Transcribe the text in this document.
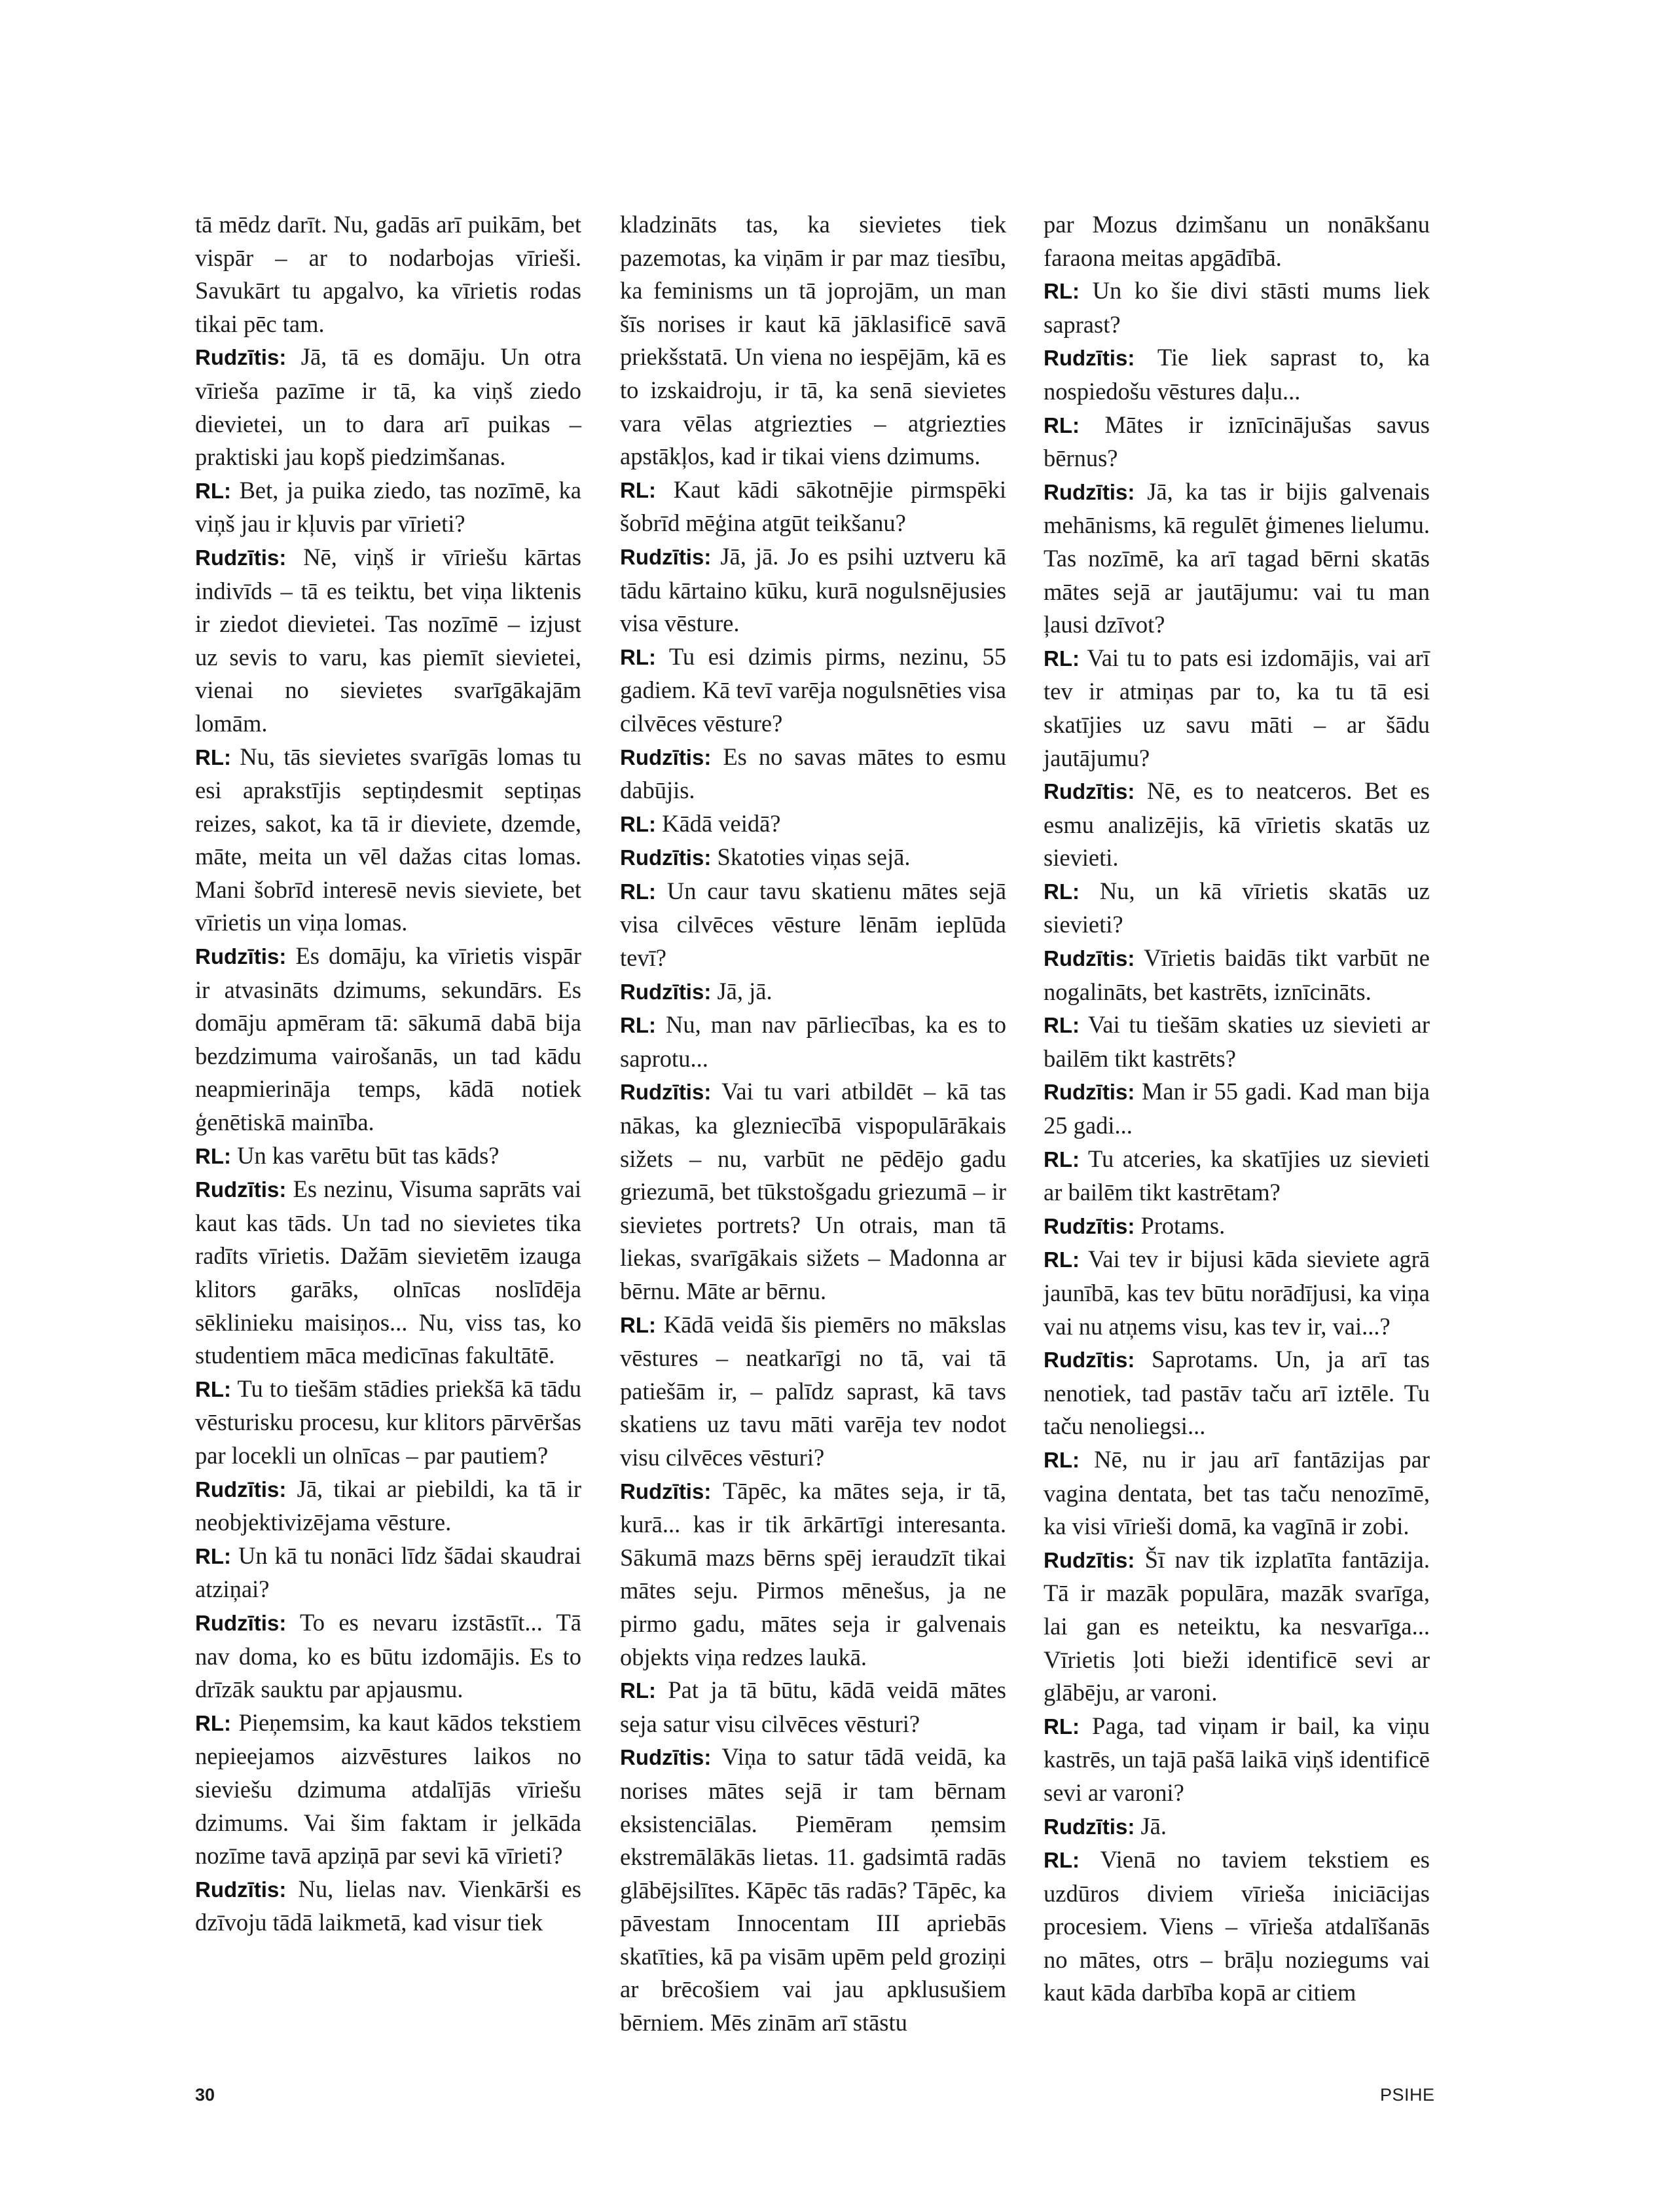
tā mēdz darīt. Nu, gadās arī puikām, bet vispār – ar to nodarbojas vīrieši. Savukārt tu apgalvo, ka vīrietis rodas tikai pēc tam.

Rudzītis: Jā, tā es domāju. Un otra vīrieša pazīme ir tā, ka viņš ziedo dievietei, un to dara arī puikas – praktiski jau kopš piedzimšanas.

RL: Bet, ja puika ziedo, tas nozīmē, ka viņš jau ir kļuvis par vīrieti?

Rudzītis: Nē, viņš ir vīriešu kārtas indivīds – tā es teiktu, bet viņa liktenis ir ziedot dievietei. Tas nozīmē – izjust uz sevis to varu, kas piemīt sievietei, vienai no sievietes svarīgākajām lomām.

RL: Nu, tās sievietes svarīgās lomas tu esi aprakstījis septiņdesmit septiņas reizes, sakot, ka tā ir dieviete, dzemde, māte, meita un vēl dažas citas lomas. Mani šobrīd interesē nevis sieviete, bet vīrietis un viņa lomas.

Rudzītis: Es domāju, ka vīrietis vispār ir atvasināts dzimums, sekundārs. Es domāju apmēram tā: sākumā dabā bija bezdzimuma vairošanās, un tad kādu neapmierināja temps, kādā notiek ģenētiskā mainība.

RL: Un kas varētu būt tas kāds?

Rudzītis: Es nezinu, Visuma saprāts vai kaut kas tāds. Un tad no sievietes tika radīts vīrietis. Dažām sievietēm izauga klitors garāks, olnīcas noslīdēja sēklinieku maisiņos... Nu, viss tas, ko studentiem māca medicīnas fakultātē.

RL: Tu to tiešām stādies priekšā kā tādu vēsturisku procesu, kur klitors pārvēršas par locekli un olnīcas – par pautiem?

Rudzītis: Jā, tikai ar piebildi, ka tā ir neobjektivizējama vēsture.

RL: Un kā tu nonāci līdz šādai skaudrai atziņai?

Rudzītis: To es nevaru izstāstīt... Tā nav doma, ko es būtu izdomājis. Es to drīzāk sauktu par apjausmu.

RL: Pieņemsim, ka kaut kādos tekstiem nepieejamos aizvēstures laikos no sieviešu dzimuma atdalījās vīriešu dzimums. Vai šim faktam ir jelkāda nozīme tavā apziņā par sevi kā vīrieti?

Rudzītis: Nu, lielas nav. Vienkārši es dzīvoju tādā laikmetā, kad visur tiek

kladzināts tas, ka sievietes tiek pazemotas, ka viņām ir par maz tiesību, ka feminisms un tā joprojām, un man šīs norises ir kaut kā jāklasificē savā priekšstatā. Un viena no iespējām, kā es to izskaidroju, ir tā, ka senā sievietes vara vēlas atgriezties – atgriezties apstākļos, kad ir tikai viens dzimums.

RL: Kaut kādi sākotnējie pirmspēki šobrīd mēģina atgūt teikšanu?

Rudzītis: Jā, jā. Jo es psihi uztveru kā tādu kārtaino kūku, kurā nogulsnējusies visa vēsture.

RL: Tu esi dzimis pirms, nezinu, 55 gadiem. Kā tevī varēja nogulsnēties visa cilvēces vēsture?

Rudzītis: Es no savas mātes to esmu dabūjis.

RL: Kādā veidā?

Rudzītis: Skatoties viņas sejā.

RL: Un caur tavu skatienu mātes sejā visa cilvēces vēsture lēnām ieplūda tevī?

Rudzītis: Jā, jā.

RL: Nu, man nav pārliecības, ka es to saprotu...

Rudzītis: Vai tu vari atbildēt – kā tas nākas, ka glezniecībā vispopulārākais sižets – nu, varbūt ne pēdējo gadu griezumā, bet tūkstošgadu griezumā – ir sievietes portrets? Un otrais, man tā liekas, svarīgākais sižets – Madonna ar bērnu. Māte ar bērnu.

RL: Kādā veidā šis piemērs no mākslas vēstures – neatkarīgi no tā, vai tā patiešām ir, – palīdz saprast, kā tavs skatiens uz tavu māti varēja tev nodot visu cilvēces vēsturi?

Rudzītis: Tāpēc, ka mātes seja, ir tā, kurā... kas ir tik ārkārtīgi interesanta. Sākumā mazs bērns spēj ieraudzīt tikai mātes seju. Pirmos mēnešus, ja ne pirmo gadu, mātes seja ir galvenais objekts viņa redzes laukā.

RL: Pat ja tā būtu, kādā veidā mātes seja satur visu cilvēces vēsturi?

Rudzītis: Viņa to satur tādā veidā, ka norises mātes sejā ir tam bērnam eksistenciālas. Piemēram ņemsim ekstremālākās lietas. 11. gadsimtā radās glābējsilītes. Kāpēc tās radās? Tāpēc, ka pāvestam Innocentam III apriebās skatīties, kā pa visām upēm peld groziņi ar brēcošiem vai jau apklusušiem bērniem. Mēs zinām arī stāstu

par Mozus dzimšanu un nonākšanu faraona meitas apgādībā.

RL: Un ko šie divi stāsti mums liek saprast?

Rudzītis: Tie liek saprast to, ka nospiedošu vēstures daļu...

RL: Mātes ir iznīcinājušas savus bērnus?

Rudzītis: Jā, ka tas ir bijis galvenais mehānisms, kā regulēt ģimenes lielumu. Tas nozīmē, ka arī tagad bērni skatās mātes sejā ar jautājumu: vai tu man ļausi dzīvot?

RL: Vai tu to pats esi izdomājis, vai arī tev ir atmiņas par to, ka tu tā esi skatījies uz savu māti – ar šādu jautājumu?

Rudzītis: Nē, es to neatceros. Bet es esmu analizējis, kā vīrietis skatās uz sievieti.

RL: Nu, un kā vīrietis skatās uz sievieti?

Rudzītis: Vīrietis baidās tikt varbūt ne nogalināts, bet kastrēts, iznīcināts.

RL: Vai tu tiešām skaties uz sievieti ar bailēm tikt kastrēts?

Rudzītis: Man ir 55 gadi. Kad man bija 25 gadi...

RL: Tu atceries, ka skatījies uz sievieti ar bailēm tikt kastrētam?

Rudzītis: Protams.

RL: Vai tev ir bijusi kāda sieviete agrā jaunībā, kas tev būtu norādījusi, ka viņa vai nu atņems visu, kas tev ir, vai...?

Rudzītis: Saprotams. Un, ja arī tas nenotiek, tad pastāv taču arī iztēle. Tu taču nenoliegsi...

RL: Nē, nu ir jau arī fantāzijas par vagina dentata, bet tas taču nenozīmē, ka visi vīrieši domā, ka vagīnā ir zobi.

Rudzītis: Šī nav tik izplatīta fantāzija. Tā ir mazāk populāra, mazāk svarīga, lai gan es neteiktu, ka nesvarīga... Vīrietis ļoti bieži identificē sevi ar glābēju, ar varoni.

RL: Paga, tad viņam ir bail, ka viņu kastrēs, un tajā pašā laikā viņš identificē sevi ar varoni?

Rudzītis: Jā.

RL: Vienā no taviem tekstiem es uzdūros diviem vīrieša iniciācijas procesiem. Viens – vīrieša atdalīšanās no mātes, otrs – brāļu noziegums vai kaut kāda darbība kopā ar citiem

30	PSIHE
